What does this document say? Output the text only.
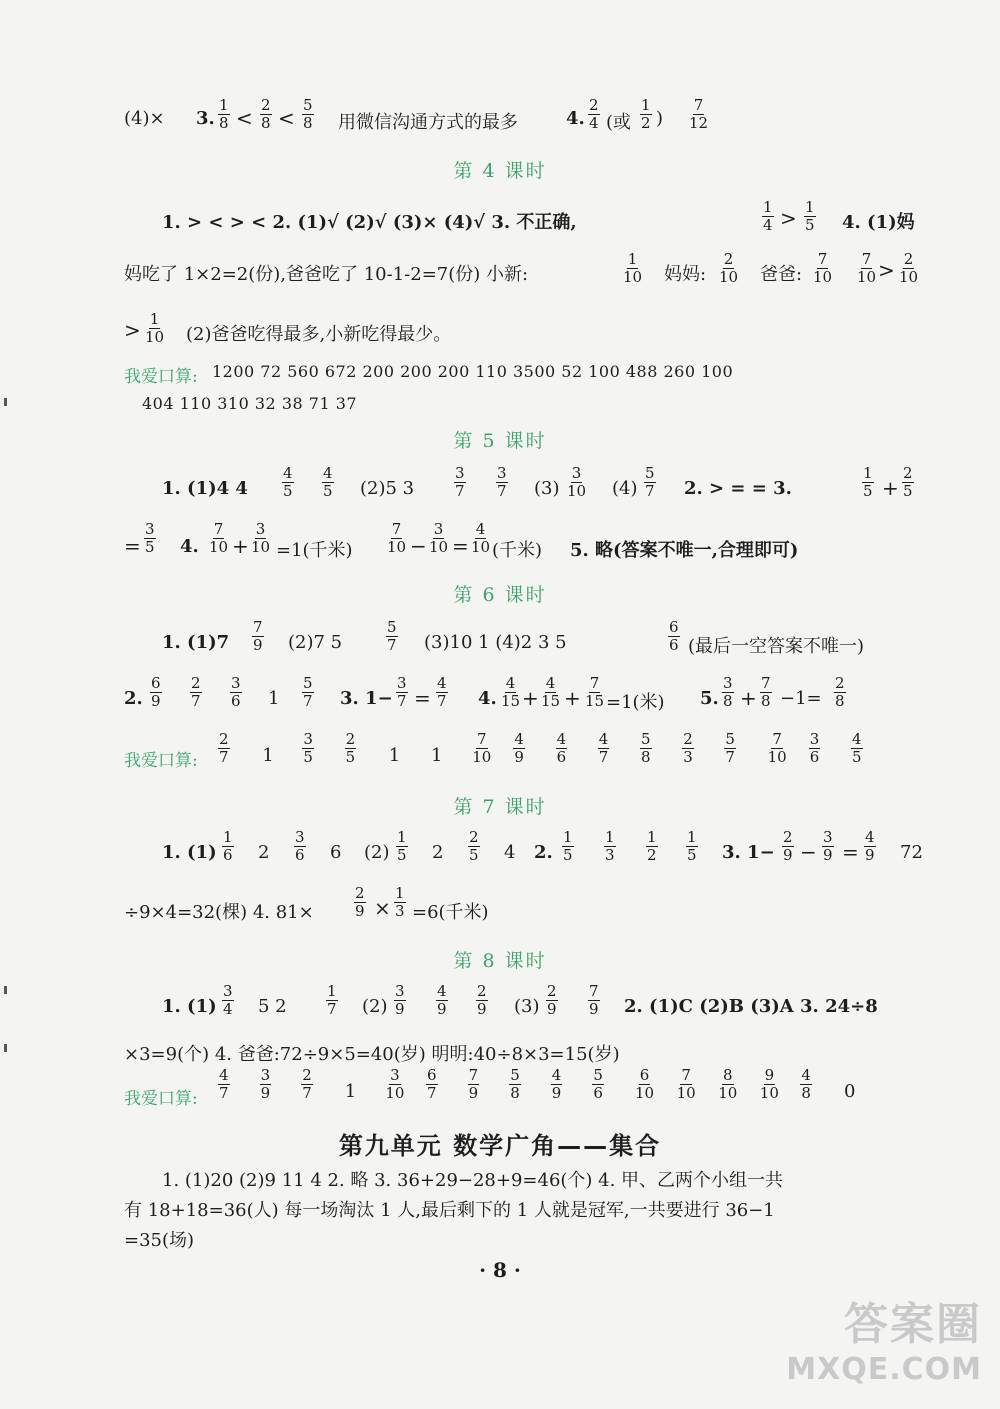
(4)× 3. $\frac{1}{8} < \frac{2}{8} < \frac{5}{8}$ 用微信沟通方式的最多	4. $\frac{2}{4}$ (或 $\frac{1}{2}$ ) $\frac{7}{12}$
第 4 课时
1. > < > < 2. (1)√ (2)√ (3)× (4)√ 3. 不正确,	$\frac{1}{4} > \frac{1}{5} 4$. (1)妈
妈吃了 1×2=2(份),爸爸吃了 10-1-2=7(份) 小新:	$\frac{1}{10}$ 妈妈: $\frac{2}{10}$ 爸爸: $\frac{7}{10} \frac{7}{10} > \frac{2}{10}$
> $\frac{1}{10} (2)$爸爸吃得最多,小新吃得最少。
我爱口算: 1200 72 560 672 200 200 200 110 3500 52 100 488 260 100
404 110 310 32 38 71 37
第 5 课时
1. (1)4 $4 \frac{4}{5} \frac{4}{5} (2)5$ 3	$\frac{3}{7} \frac{3}{7} (3) \frac{3}{10} (4) \frac{5}{7} 2$. > = = 3.	$\frac{1}{5} + \frac{2}{5}$
= $\frac{3}{5} 4$. $\frac{7}{10} + \frac{3}{10} =1$(千米) $\frac{7}{10} - \frac{3}{10} = \frac{4}{10}$ (千米) 5. 略(答案不唯一,合理即可)
第 6 课时
1. $(1)7 \frac{7}{9} (2)7$ 5	$\frac{5}{7} (3)10$ 1 (4)2 3 5	$\frac{6}{6}$ (最后一空答案不唯一)
2. $\frac{6}{9} \frac{2}{7} \frac{3}{6} 1 \frac{5}{7} 3$. $1- \frac{3}{7} = \frac{4}{7} 4$. $\frac{4}{15} + \frac{4}{15} + \frac{7}{15} =1$(米) 5. $\frac{3}{8} + \frac{7}{8} -1= \frac{2}{8}$
我爱口算: $\frac{2}{7} 1 \frac{3}{5} \frac{2}{5} 1$ $1 \frac{7}{10} \frac{4}{9} \frac{4}{6} \frac{4}{7} \frac{5}{8} \frac{2}{3} \frac{5}{7} \frac{7}{10} \frac{3}{6} \frac{4}{5}$
第 7 课时
1. $(1) \frac{1}{6} 2 \frac{3}{6} 6$ $(2) \frac{1}{5} 2 \frac{2}{5} 4$ 2. $\frac{1}{5} \frac{1}{3} \frac{1}{2} \frac{1}{5} 3$. $1- \frac{2}{9} - \frac{3}{9} = \frac{4}{9} 72$
÷9×4=32(棵) 4. 81×	$\frac{2}{9} \times \frac{1}{3} =6$(千米)
第 8 课时
1. $(1) \frac{3}{4} 5$ 2	$\frac{1}{7} (2) \frac{3}{9} \frac{4}{9} \frac{2}{9} (3) \frac{2}{9} \frac{7}{9} 2$. (1)C (2)B (3)A 3. 24÷8
×3=9(个) 4. 爸爸:72÷9×5=40(岁) 明明:40÷8×3=15(岁)
我爱口算: $\frac{4}{7} \frac{3}{9} \frac{2}{7} 1 \frac{3}{10} \frac{6}{7} \frac{7}{9} \frac{5}{8} \frac{4}{9} \frac{5}{6} \frac{6}{10} \frac{7}{10} \frac{8}{10} \frac{9}{10} \frac{4}{8} 0$
第九单元 数学广角——集合
1. (1)20 (2)9 11 4 2. 略 3. 36+29−28+9=46(个) 4. 甲、乙两个小组一共
有 18+18=36(人) 每一场淘汰 1 人,最后剩下的 1 人就是冠军,一共要进行 36−1
=35(场)
· 8 ·
答案圈
MXQE.COM
